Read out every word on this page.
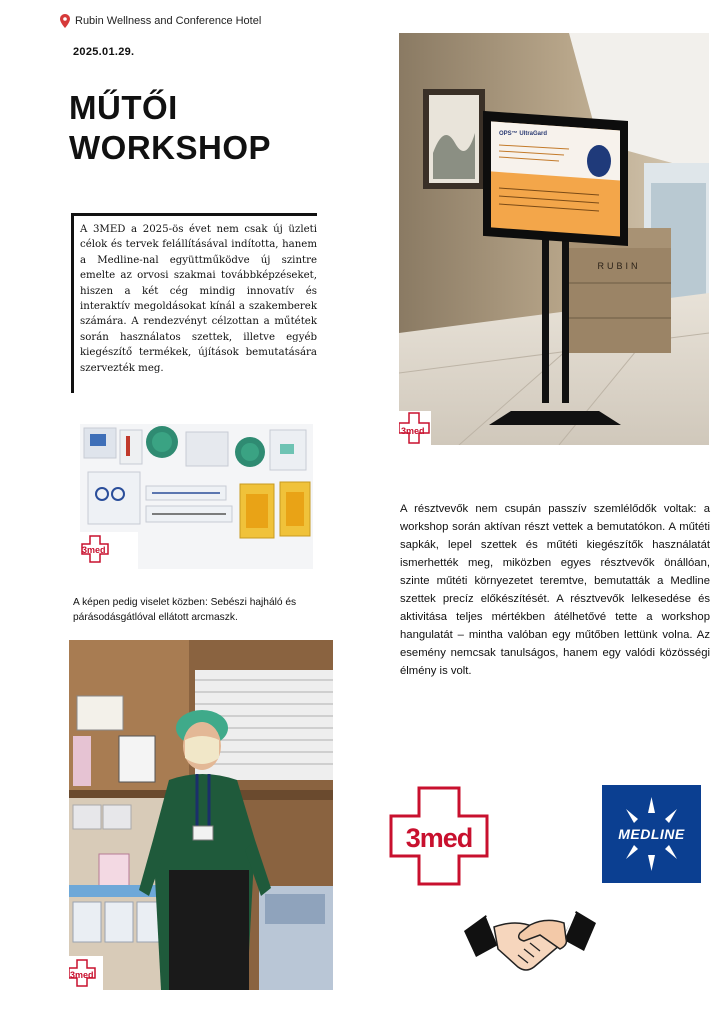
Rubin Wellness and Conference Hotel
2025.01.29.
MŰTŐI
WORKSHOP

A 3MED a 2025-ös évet nem csak új üzleti célok és tervek felállításával indította, hanem a Medline-nal együttműködve új szintre emelte az orvosi szakmai továbbképzéseket, hiszen a két cég mindig innovatív és interaktív megoldásokat kínál a szakemberek számára. A rendezvényt célzottan a műtétek során használatos szettek, illetve egyéb kiegészítő termékek, újítások bemutatására szervezték meg.

RUBIN
OPS™ UltraGard
3med
3med
A képen pedig viselet közben: Sebészi hajháló és párásodásgátlóval ellátott arcmaszk.
3med
A résztvevők nem csupán passzív szemlélődők voltak: a workshop során aktívan részt vettek a bemutatókon. A műtéti sapkák, lepel szettek és műtéti kiegészítők használatát ismerhették meg, miközben egyes résztvevők önállóan, szinte műtéti környezetet teremtve, bemutatták a Medline szettek precíz előkészítését. A résztvevők lelkesedése és aktivitása teljes mértékben átélhetővé tette a workshop hangulatát – mintha valóban egy műtőben lettünk volna. Az esemény nemcsak tanulságos, hanem egy valódi közösségi élmény is volt.
3med	MEDLINE
